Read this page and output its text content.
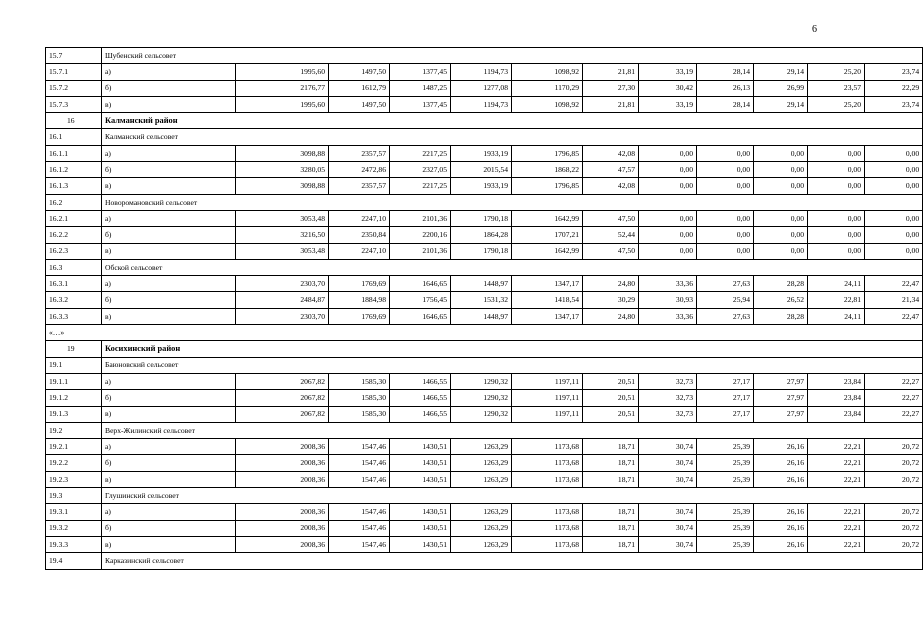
6
15.7	Шубенский сельсовет											
15.7.1	а)	1995,60	1497,50	1377,45	1194,73	1098,92	21,81	33,19	28,14	29,14	25,20	23,74
15.7.2	б)	2176,77	1612,79	1487,25	1277,08	1170,29	27,30	30,42	26,13	26,99	23,57	22,29
15.7.3	в)	1995,60	1497,50	1377,45	1194,73	1098,92	21,81	33,19	28,14	29,14	25,20	23,74
16	Калманский район											
16.1	Калманский сельсовет											
16.1.1	а)	3098,88	2357,57	2217,25	1933,19	1796,85	42,08	0,00	0,00	0,00	0,00	0,00
16.1.2	б)	3280,05	2472,86	2327,05	2015,54	1868,22	47,57	0,00	0,00	0,00	0,00	0,00
16.1.3	в)	3098,88	2357,57	2217,25	1933,19	1796,85	42,08	0,00	0,00	0,00	0,00	0,00
16.2	Новоромановский сельсовет											
16.2.1	а)	3053,48	2247,10	2101,36	1790,18	1642,99	47,50	0,00	0,00	0,00	0,00	0,00
16.2.2	б)	3216,50	2350,84	2200,16	1864,28	1707,21	52,44	0,00	0,00	0,00	0,00	0,00
16.2.3	в)	3053,48	2247,10	2101,36	1790,18	1642,99	47,50	0,00	0,00	0,00	0,00	0,00
16.3	Обской сельсовет											
16.3.1	а)	2303,70	1769,69	1646,65	1448,97	1347,17	24,80	33,36	27,63	28,28	24,11	22,47
16.3.2	б)	2484,87	1884,98	1756,45	1531,32	1418,54	30,29	30,93	25,94	26,52	22,81	21,34
16.3.3	в)	2303,70	1769,69	1646,65	1448,97	1347,17	24,80	33,36	27,63	28,28	24,11	22,47
«…»												
19	Косихинский район											
19.1	Баюновский сельсовет											
19.1.1	а)	2067,82	1585,30	1466,55	1290,32	1197,11	20,51	32,73	27,17	27,97	23,84	22,27
19.1.2	б)	2067,82	1585,30	1466,55	1290,32	1197,11	20,51	32,73	27,17	27,97	23,84	22,27
19.1.3	в)	2067,82	1585,30	1466,55	1290,32	1197,11	20,51	32,73	27,17	27,97	23,84	22,27
19.2	Верх-Жилинский сельсовет											
19.2.1	а)	2008,36	1547,46	1430,51	1263,29	1173,68	18,71	30,74	25,39	26,16	22,21	20,72
19.2.2	б)	2008,36	1547,46	1430,51	1263,29	1173,68	18,71	30,74	25,39	26,16	22,21	20,72
19.2.3	в)	2008,36	1547,46	1430,51	1263,29	1173,68	18,71	30,74	25,39	26,16	22,21	20,72
19.3	Глушинский сельсовет											
19.3.1	а)	2008,36	1547,46	1430,51	1263,29	1173,68	18,71	30,74	25,39	26,16	22,21	20,72
19.3.2	б)	2008,36	1547,46	1430,51	1263,29	1173,68	18,71	30,74	25,39	26,16	22,21	20,72
19.3.3	в)	2008,36	1547,46	1430,51	1263,29	1173,68	18,71	30,74	25,39	26,16	22,21	20,72
19.4	Карказинский сельсовет											
